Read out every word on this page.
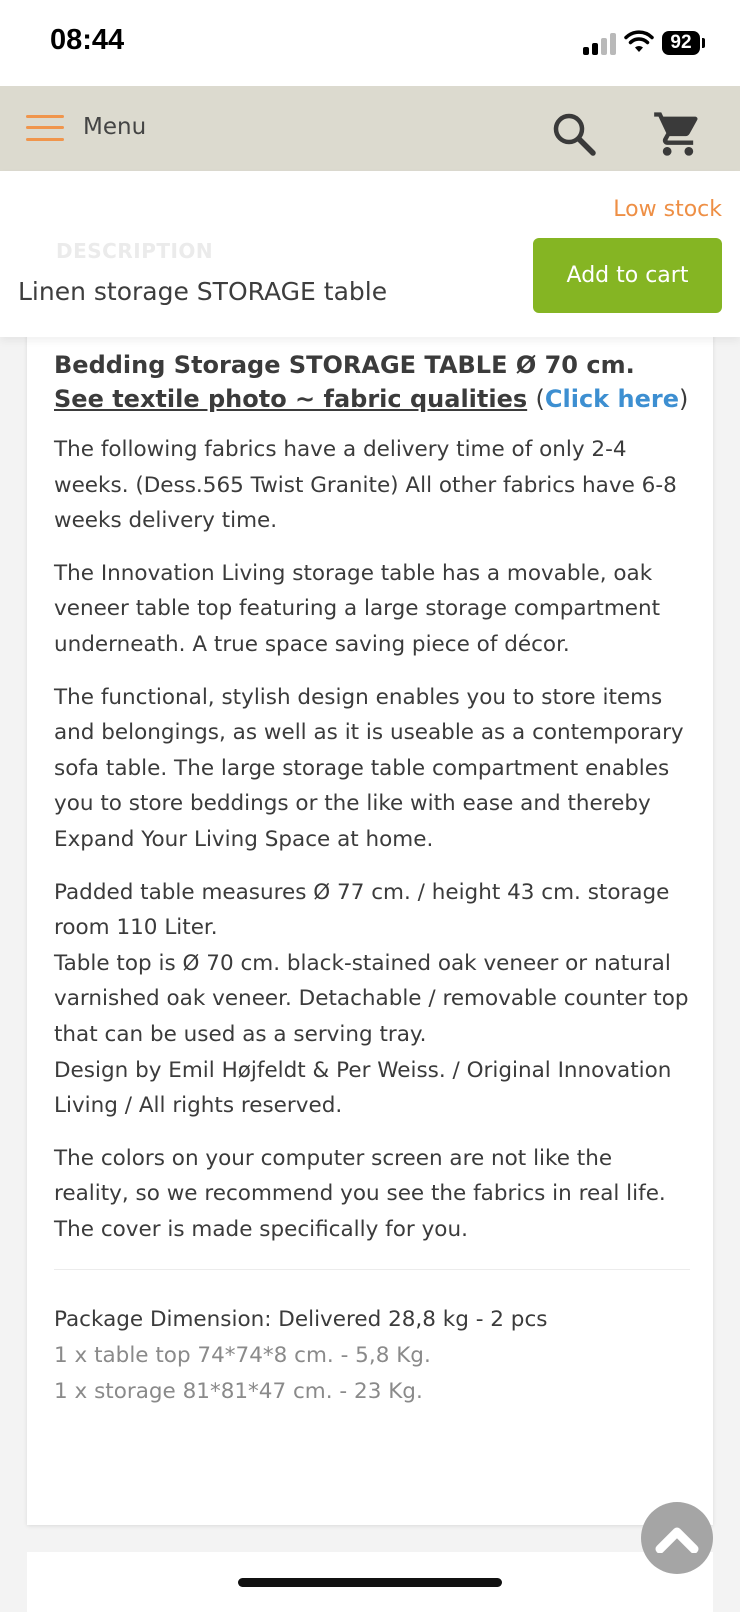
08:44	92
Menu
Low stock
DESCRIPTION
Linen storage STORAGE table
Add to cart
Bedding Storage STORAGE TABLE Ø 70 cm. See textile photo ~ fabric qualities (Click here)

The following fabrics have a delivery time of only 2-4 weeks. (Dess.565 Twist Granite) All other fabrics have 6-8 weeks delivery time.

The Innovation Living storage table has a movable, oak veneer table top featuring a large storage compartment underneath. A true space saving piece of décor.

The functional, stylish design enables you to store items and belongings, as well as it is useable as a contemporary sofa table. The large storage table compartment enables you to store beddings or the like with ease and thereby Expand Your Living Space at home.

Padded table measures Ø 77 cm. / height 43 cm. storage room 110 Liter.
Table top is Ø 70 cm. black-stained oak veneer or natural varnished oak veneer. Detachable / removable counter top that can be used as a serving tray.
Design by Emil Højfeldt & Per Weiss. / Original Innovation Living / All rights reserved.

The colors on your computer screen are not like the reality, so we recommend you see the fabrics in real life. The cover is made specifically for you.

Package Dimension: Delivered 28,8 kg - 2 pcs
1 x table top 74*74*8 cm. - 5,8 Kg.
1 x storage 81*81*47 cm. - 23 Kg.
